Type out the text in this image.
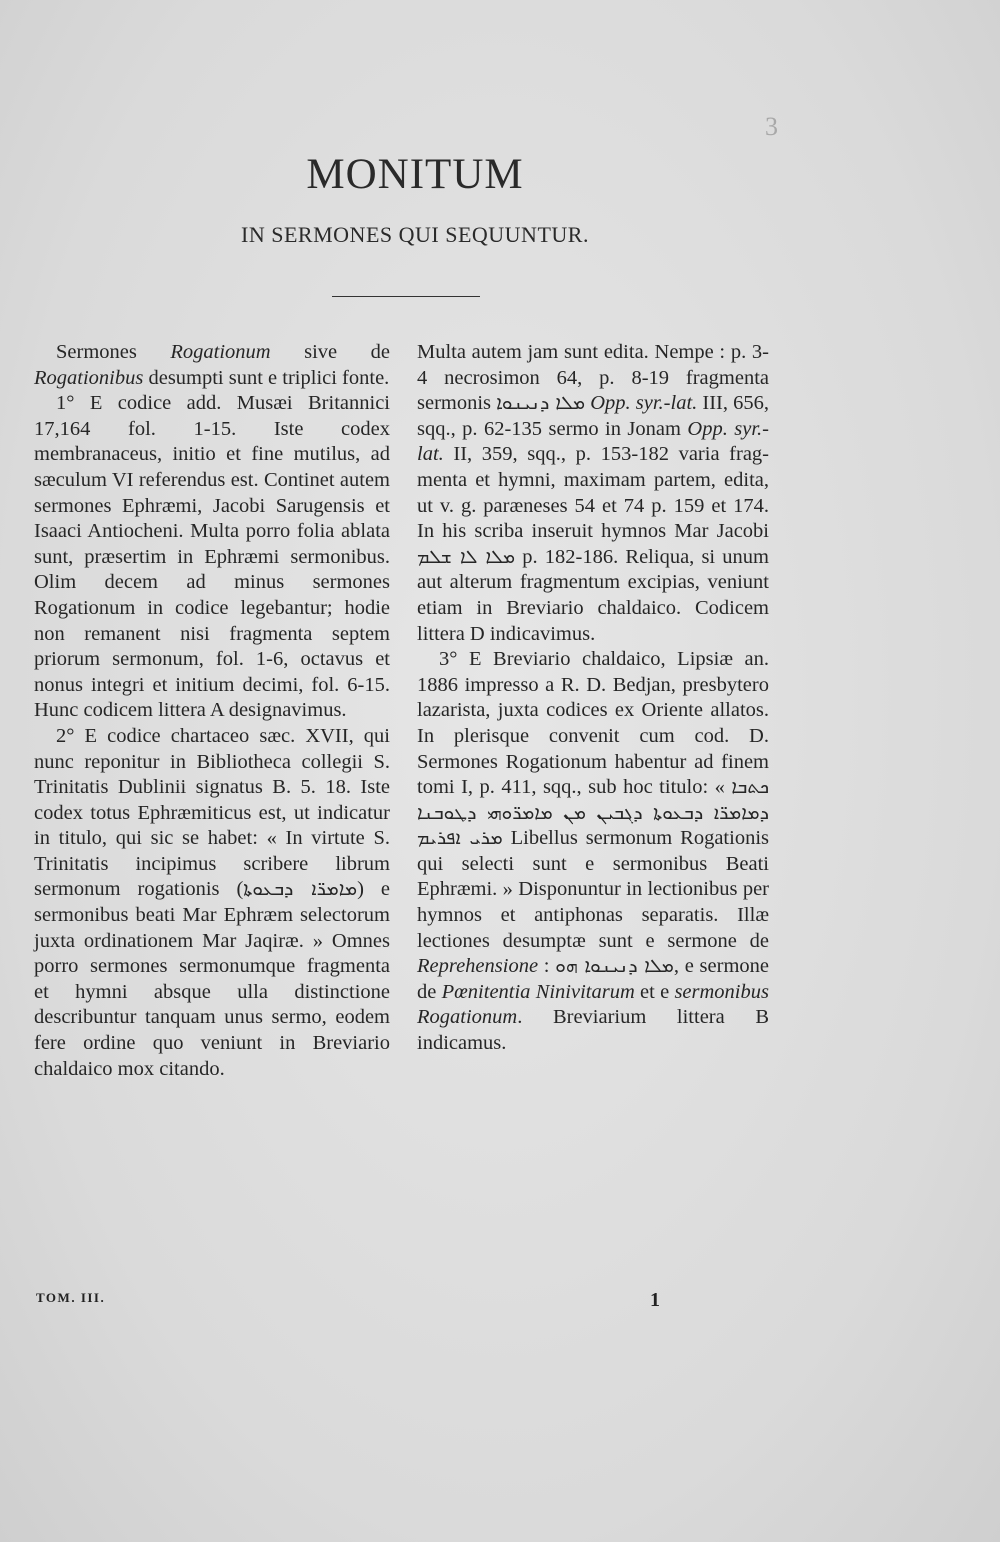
3
MONITUM
IN SERMONES QUI SEQUUNTUR.

Sermones Rogationum sive de Rogationibus desumpti sunt e triplici fonte.

1° E codice add. Musæi Britannici 17,164 fol. 1-15. Iste codex membranaceus, initio et fine mutilus, ad sæculum VI referendus est. Continet autem sermones Ephræmi, Jacobi Sarugensis et Isaaci Antiocheni. Multa porro folia ablata sunt, præsertim in Ephræmi sermonibus. Olim decem ad minus sermones Rogationum in codice legebantur; hodie non remanent nisi fragmenta septem priorum sermonum, fol. 1-6, octavus et nonus integri et initium decimi, fol. 6-15. Hunc codicem littera A designavimus.

2° E codice chartaceo sæc. XVII, qui nunc reponitur in Bibliotheca collegii S. Trinitatis Dublinii signatus B. 5. 18. Iste codex totus Ephræmiticus est, ut indicatur in titulo, qui sic se habet: « In virtute S. Trinitatis incipimus scribere librum sermonum rogationis (ܡܐܡܪ̈ܐ ܕܒܥܘܬܐ) e sermonibus beati Mar Ephræm selectorum juxta ordinationem Mar Jaqiræ. » Omnes porro sermones sermonumque fragmenta et hymni absque ulla distinctione describuntur tanquam unus sermo, eodem fere ordine quo veniunt in Breviario chaldaico mox citando.

Multa autem jam sunt edita. Nempe : p. 3-4 necrosimon 64, p. 8-19 fragmenta sermonis ܡܠܐ ܕܢܝܢܘܐ Opp. syr.-lat. III, 656, sqq., p. 62-135 sermo in Jonam Opp. syr.-lat. II, 359, sqq., p. 153-182 varia fragmenta et hymni, maximam partem, edita, ut v. g. paræneses 54 et 74 p. 159 et 174. In his scriba inseruit hymnos Mar Jacobi ܡܠܐ ܠܐ ܫܠܡ p. 182-186. Reliqua, si unum aut alterum fragmentum excipias, veniunt etiam in Breviario chaldaico. Codicem littera D indicavimus.

3° E Breviario chaldaico, Lipsiæ an. 1886 impresso a R. D. Bedjan, presbytero lazarista, juxta codices ex Oriente allatos. In plerisque convenit cum cod. D. Sermones Rogationum habentur ad finem tomi I, p. 411, sqq., sub hoc titulo: « ܟܬܒܐ ܕܡܐܡܪ̈ܐ ܕܒܥܘܬܐ ܕܓܒܝܢ ܡܢ ܡܐܡܪ̈ܘܗܝ ܕܛܘܒܢܐ ܡܪܝ ܐܦܪܝܡ Libellus sermonum Rogationis qui selecti sunt e sermonibus Beati Ephræmi. » Disponuntur in lectionibus per hymnos et antiphonas separatis. Illæ lectiones desumptæ sunt e sermone de Reprehensione : ܡܠܐ ܕܢܝܢܘܐ ܗܘ, e sermone de Pœnitentia Ninivitarum et e sermonibus Rogationum. Breviarium littera B indicamus.

TOM. III.	1
